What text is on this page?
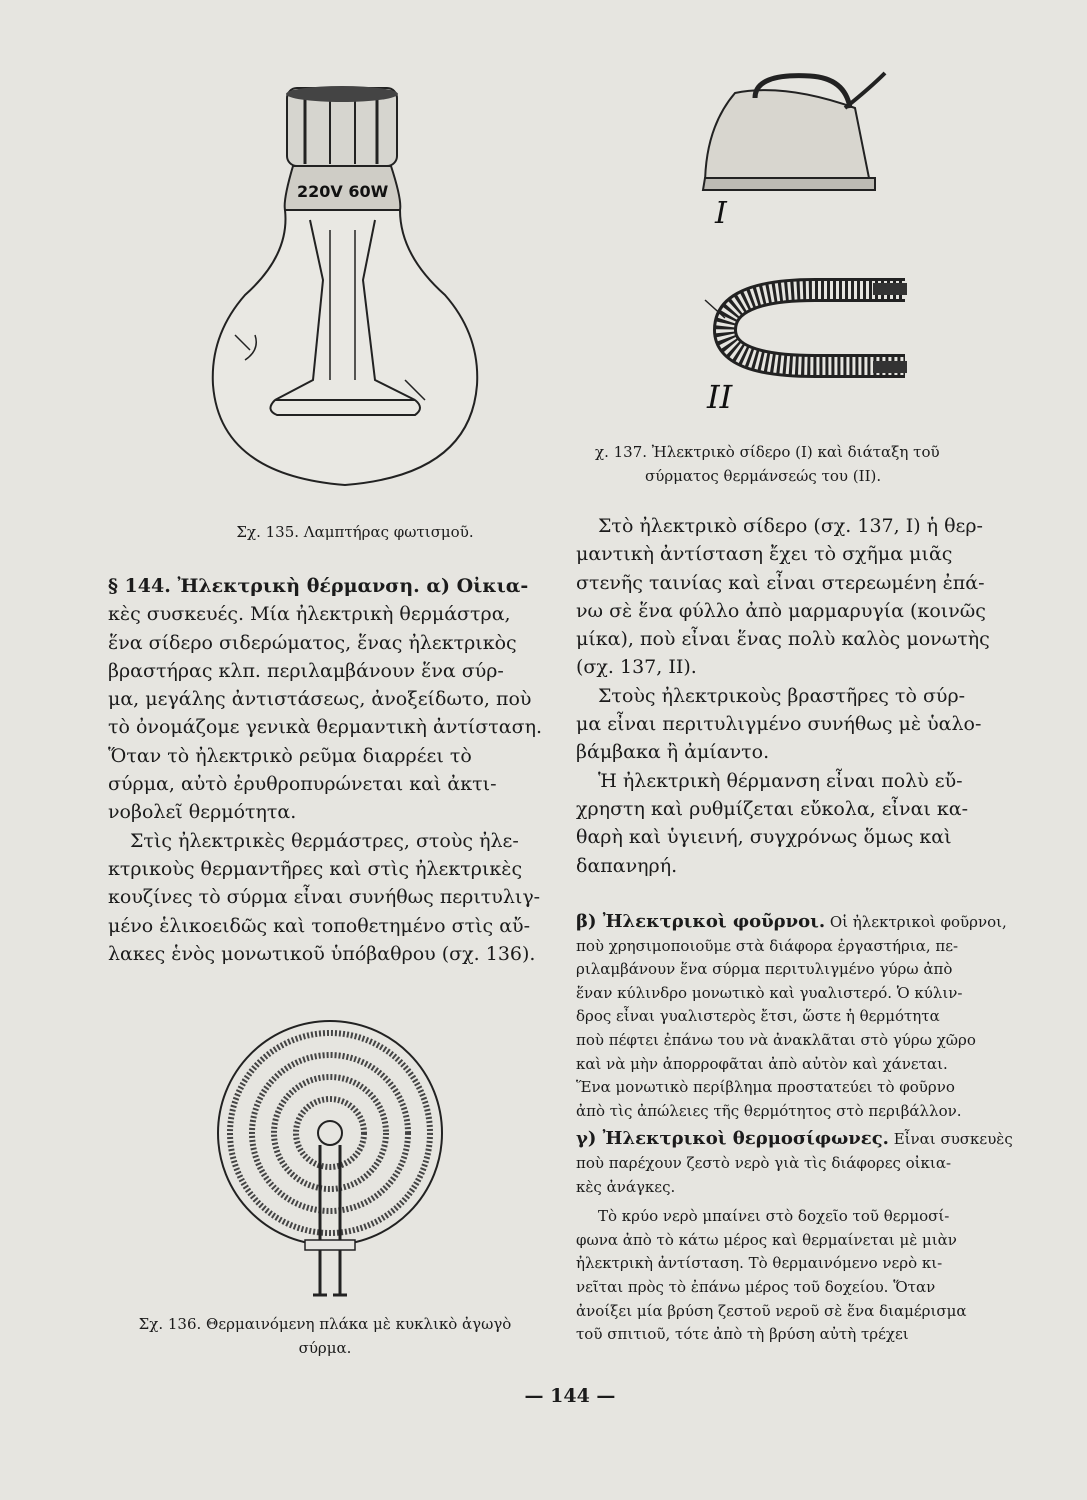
220V 60W
Σχ. 135. Λαμπτήρας φωτισμοῦ.
I
II
χ. 137. Ἠλεκτρικὸ σίδερο (I) καὶ διάταξη τοῦ
σύρματος θερμάνσεώς του (II).

§ 144. Ἠλεκτρικὴ θέρμανση. α) Οἰκια-

κὲς συσκευές. Μία ἠλεκτρικὴ θερμάστρα,

ἕνα σίδερο σιδερώματος, ἕνας ἠλεκτρικὸς

βραστήρας κλπ. περιλαμβάνουν ἕνα σύρ-

μα, μεγάλης ἀντιστάσεως, ἀνοξείδωτο, ποὺ

τὸ ὀνομάζομε γενικὰ θερμαντικὴ ἀντίσταση.

Ὅταν τὸ ἠλεκτρικὸ ρεῦμα διαρρέει τὸ

σύρμα, αὐτὸ ἐρυθροπυρώνεται καὶ ἀκτι-

νοβολεῖ θερμότητα.

Στὶς ἠλεκτρικὲς θερμάστρες, στοὺς ἠλε-

κτρικοὺς θερμαντῆρες καὶ στὶς ἠλεκτρικὲς

κουζίνες τὸ σύρμα εἶναι συνήθως περιτυλιγ-

μένο ἑλικοειδῶς καὶ τοποθετημένο στὶς αὔ-

λακες ἑνὸς μονωτικοῦ ὑπόβαθρου (σχ. 136).

Σχ. 136. Θερμαινόμενη πλάκα μὲ κυκλικὸ ἀγωγὸ
σύρμα.

Στὸ ἠλεκτρικὸ σίδερο (σχ. 137, I) ἡ θερ-

μαντικὴ ἀντίσταση ἔχει τὸ σχῆμα μιᾶς

στενῆς ταινίας καὶ εἶναι στερεωμένη ἐπά-

νω σὲ ἕνα φύλλο ἀπὸ μαρμαρυγία (κοινῶς

μίκα), ποὺ εἶναι ἕνας πολὺ καλὸς μονωτὴς

(σχ. 137, II).

Στοὺς ἠλεκτρικοὺς βραστῆρες τὸ σύρ-

μα εἶναι περιτυλιγμένο συνήθως μὲ ὑαλο-

βάμβακα ἢ ἀμίαντο.

Ἡ ἠλεκτρικὴ θέρμανση εἶναι πολὺ εὔ-

χρηστη καὶ ρυθμίζεται εὔκολα, εἶναι κα-

θαρὴ καὶ ὑγιεινή, συγχρόνως ὅμως καὶ

δαπανηρή.

β) Ἠλεκτρικοὶ φοῦρνοι. Οἱ ἠλεκτρικοὶ φοῦρνοι,

ποὺ χρησιμοποιοῦμε στὰ διάφορα ἐργαστήρια, πε-

ριλαμβάνουν ἕνα σύρμα περιτυλιγμένο γύρω ἀπὸ

ἕναν κύλινδρο μονωτικὸ καὶ γυαλιστερό. Ὁ κύλιν-

δρος εἶναι γυαλιστερὸς ἔτσι, ὥστε ἡ θερμότητα

ποὺ πέφτει ἐπάνω του νὰ ἀνακλᾶται στὸ γύρω χῶρο

καὶ νὰ μὴν ἀπορροφᾶται ἀπὸ αὐτὸν καὶ χάνεται.

Ἕνα μονωτικὸ περίβλημα προστατεύει τὸ φοῦρνο

ἀπὸ τὶς ἀπώλειες τῆς θερμότητος στὸ περιβάλλον.

γ) Ἠλεκτρικοὶ θερμοσίφωνες. Εἶναι συσκευὲς

ποὺ παρέχουν ζεστὸ νερὸ γιὰ τὶς διάφορες οἰκια-

κὲς ἀνάγκες.

Τὸ κρύο νερὸ μπαίνει στὸ δοχεῖο τοῦ θερμοσί-

φωνα ἀπὸ τὸ κάτω μέρος καὶ θερμαίνεται μὲ μιὰν

ἠλεκτρικὴ ἀντίσταση. Τὸ θερμαινόμενο νερὸ κι-

νεῖται πρὸς τὸ ἐπάνω μέρος τοῦ δοχείου. Ὅταν

ἀνοίξει μία βρύση ζεστοῦ νεροῦ σὲ ἕνα διαμέρισμα

τοῦ σπιτιοῦ, τότε ἀπὸ τὴ βρύση αὐτὴ τρέχει

— 144 —
